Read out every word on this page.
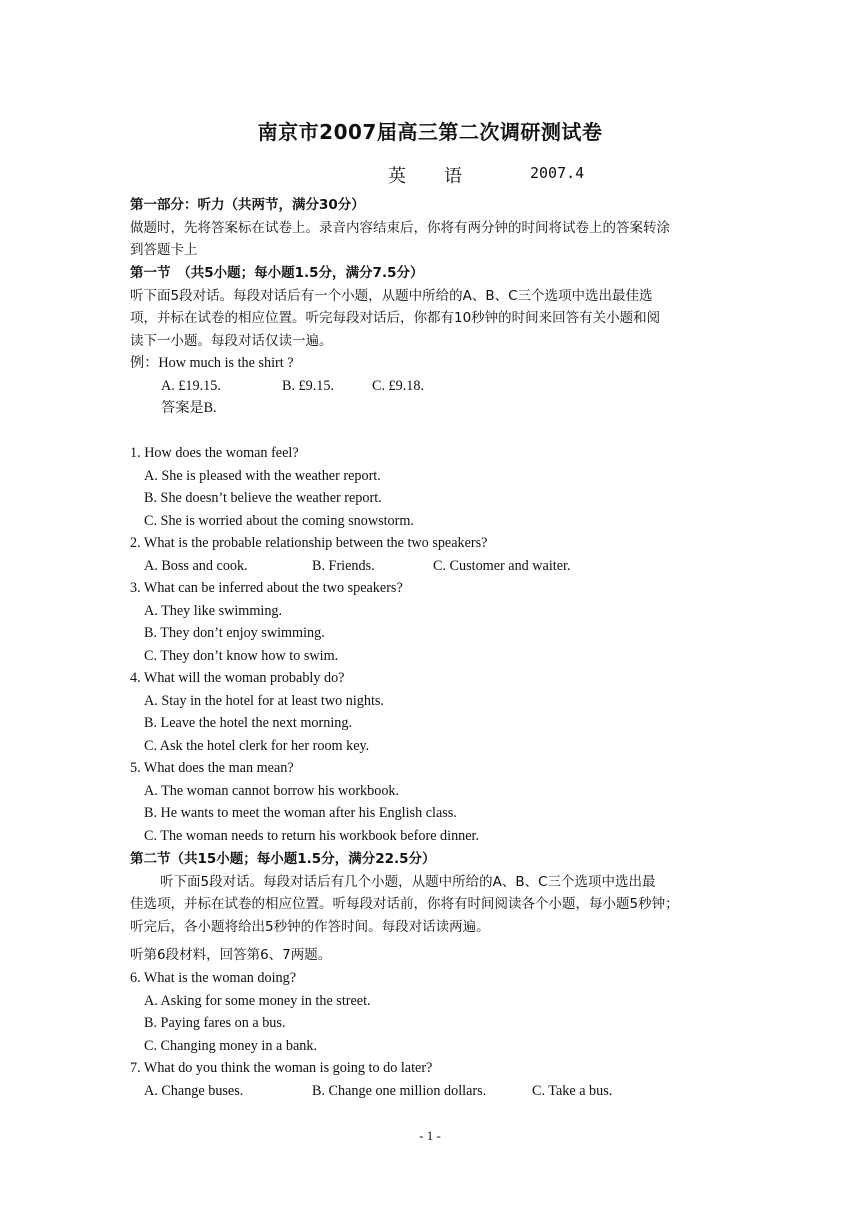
南京市2007届高三第二次调研测试卷
英语 2007.4
第一部分：听力（共两节，满分30分）
做题时，先将答案标在试卷上。录音内容结束后，你将有两分钟的时间将试卷上的答案转涂
到答题卡上
第一节　（共5小题；每小题1.5分，满分7.5分）
听下面5段对话。每段对话后有一个小题，从题中所给的A、B、C三个选项中选出最佳选
项，并标在试卷的相应位置。听完每段对话后，你都有10秒钟的时间来回答有关小题和阅
读下一小题。每段对话仅读一遍。
例：How much is the shirt ?
A. £19.15.	B. £9.15.	C. £9.18.
答案是B.
1. How does the woman feel?
A. She is pleased with the weather report.
B. She doesn’t believe the weather report.
C. She is worried about the coming snowstorm.
2. What is the probable relationship between the two speakers?
A. Boss and cook.	B. Friends.	C. Customer and waiter.
3. What can be inferred about the two speakers?
A. They like swimming.
B. They don’t enjoy swimming.
C. They don’t know how to swim.
4. What will the woman probably do?
A. Stay in the hotel for at least two nights.
B. Leave the hotel the next morning.
C. Ask the hotel clerk for her room key.
5. What does the man mean?
A. The woman cannot borrow his workbook.
B. He wants to meet the woman after his English class.
C. The woman needs to return his workbook before dinner.
第二节（共15小题；每小题1.5分，满分22.5分）
听下面5段对话。每段对话后有几个小题，从题中所给的A、B、C三个选项中选出最
佳选项，并标在试卷的相应位置。听每段对话前，你将有时间阅读各个小题，每小题5秒钟；
听完后，各小题将给出5秒钟的作答时间。每段对话读两遍。
听第6段材料，回答第6、7两题。
6. What is the woman doing?
A. Asking for some money in the street.
B. Paying fares on a bus.
C. Changing money in a bank.
7. What do you think the woman is going to do later?
A. Change buses.	B. Change one million dollars.	C. Take a bus.
- 1 -
